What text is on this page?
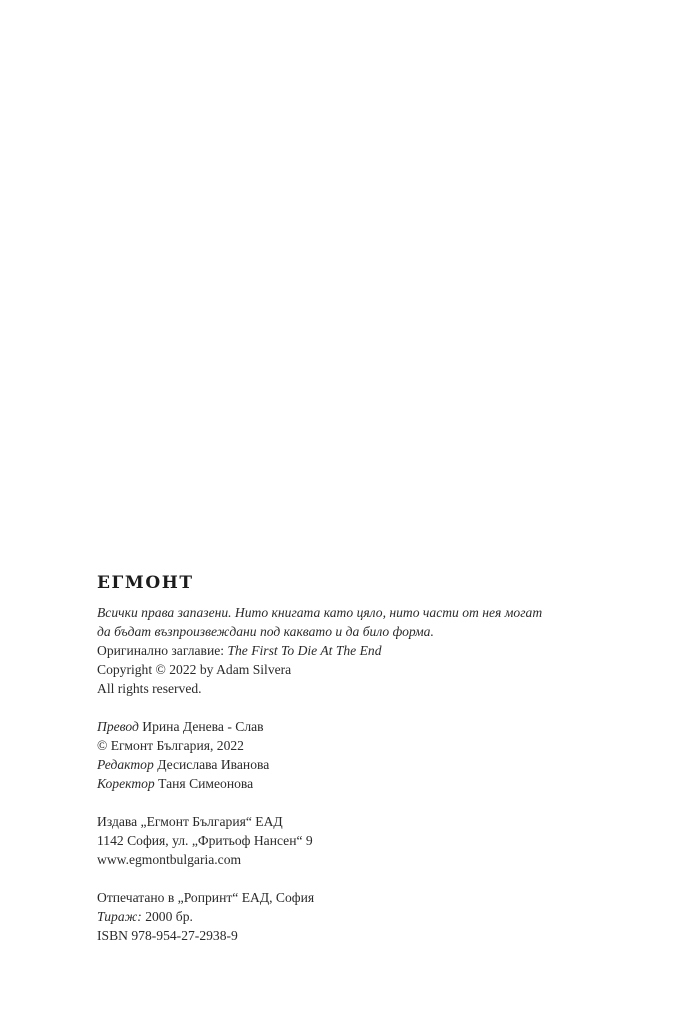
ЕГМОНТ
Всички права запазени. Нито книгата като цяло, нито части от нея могат
да бъдат възпроизвеждани под каквато и да било форма.
Оригинално заглавие: The First To Die At The End
Copyright © 2022 by Adam Silvera
All rights reserved.
Превод Ирина Денева - Слав
© Егмонт България, 2022
Редактор Десислава Иванова
Коректор Таня Симеонова
Издава „Егмонт България“ ЕАД
1142 София, ул. „Фритьоф Нансен“ 9
www.egmontbulgaria.com
Отпечатано в „Ропринт“ ЕАД, София
Тираж: 2000 бр.
ISBN 978-954-27-2938-9
